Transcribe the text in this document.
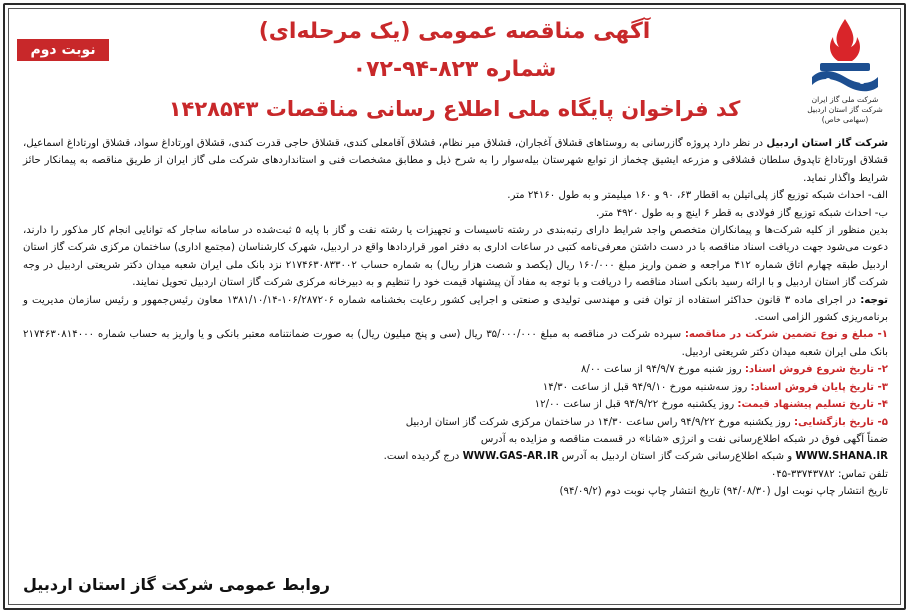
نوبت دوم
شرکت ملی گاز ایران
شرکت گاز استان اردبیل
(سهامی خاص)
آگهی مناقصه عمومی (یک مرحله‌ای)
شماره ۸۲۳-۹۴-۰۷۲
کد فراخوان پایگاه ملی اطلاع رسانی مناقصات ۱۴۲۸۵۴۳

شرکت گاز استان اردبیل در نظر دارد پروژه گازرسانی به روستاهای قشلاق آغجاران، قشلاق میر نظام، قشلاق آقامعلی کندی، قشلاق حاجی قدرت کندی، قشلاق اورتاداغ سواد، قشلاق اورتاداغ اسماعیل، قشلاق اورتاداغ تاپدوق سلطان قشلاقی و مزرعه ایشیق چخماز از توابع شهرستان بیله‌سوار را به شرح ذیل و مطابق مشخصات فنی و استانداردهای شرکت ملی گاز ایران از طریق مناقصه به پیمانکار حائز شرایط واگذار نماید.

الف- احداث شبکه توزیع گاز پلی‌اتیلن به اقطار ۶۳، ۹۰ و ۱۶۰ میلیمتر و به طول ۲۴۱۶۰ متر.

ب- احداث شبکه توزیع گاز فولادی به قطر ۶ اینچ و به طول ۴۹۲۰ متر.

بدین منظور از کلیه شرکت‌ها و پیمانکاران متخصص واجد شرایط دارای رتبه‌بندی در رشته تاسیسات و تجهیزات یا رشته نفت و گاز با پایه ۵ ثبت‌شده در سامانه ساجار که توانایی انجام کار مذکور را دارند، دعوت می‌شود جهت دریافت اسناد مناقصه با در دست داشتن معرفی‌نامه کتبی در ساعات اداری به دفتر امور قراردادها واقع در اردبیل، شهرک کارشناسان (مجتمع اداری) ساختمان مرکزی شرکت گاز استان اردبیل طبقه چهارم اتاق شماره ۴۱۲ مراجعه و ضمن واریز مبلغ ۱۶۰/۰۰۰ ریال (یکصد و شصت هزار ریال) به شماره حساب ۲۱۷۴۶۳۰۸۳۳۰۰۲ نزد بانک ملی ایران شعبه میدان دکتر شریعتی اردبیل در وجه شرکت گاز استان اردبیل و با ارائه رسید بانکی اسناد مناقصه را دریافت و با توجه به مفاد آن پیشنهاد قیمت خود را تنظیم و به دبیرخانه مرکزی شرکت گاز استان اردبیل تحویل نمایند.

توجه: در اجرای ماده ۳ قانون حداکثر استفاده از توان فنی و مهندسی تولیدی و صنعتی و اجرایی کشور رعایت بخشنامه شماره ۱۰۶/۲۸۷۲۰۶-۱۳۸۱/۱۰/۱۴ معاون رئیس‌جمهور و رئیس سازمان مدیریت و برنامه‌ریزی کشور الزامی است.

۱- مبلغ و نوع تضمین شرکت در مناقصه: سپرده شرکت در مناقصه به مبلغ ۳۵/۰۰۰/۰۰۰ ریال (سی و پنج میلیون ریال) به صورت ضمانتنامه معتبر بانکی و یا واریز به حساب شماره ۲۱۷۴۶۳۰۸۱۴۰۰۰ بانک ملی ایران شعبه میدان دکتر شریعتی اردبیل.

۲- تاریخ شروع فروش اسناد: روز شنبه مورخ ۹۴/۹/۷ از ساعت ۸/۰۰

۳- تاریخ پایان فروش اسناد: روز سه‌شنبه مورخ ۹۴/۹/۱۰ قبل از ساعت ۱۴/۳۰

۴- تاریخ تسلیم پیشنهاد قیمت: روز یکشنبه مورخ ۹۴/۹/۲۲ قبل از ساعت ۱۲/۰۰

۵- تاریخ بازگشایی: روز یکشنبه مورخ ۹۴/۹/۲۲ راس ساعت ۱۴/۳۰ در ساختمان مرکزی شرکت گاز استان اردبیل

ضمناً آگهی فوق در شبکه اطلاع‌رسانی نفت و انرژی «شانا» در قسمت مناقصه و مزایده به آدرس

WWW.SHANA.IR و شبکه اطلاع‌رسانی شرکت گاز استان اردبیل به آدرس WWW.GAS-AR.IR درج گردیده است.

تلفن تماس: ۳۳۷۴۳۷۸۲-۰۴۵

تاریخ انتشار چاپ نوبت اول (۹۴/۰۸/۳۰) تاریخ انتشار چاپ نوبت دوم (۹۴/۰۹/۲)

روابط عمومی شرکت گاز استان اردبیل
